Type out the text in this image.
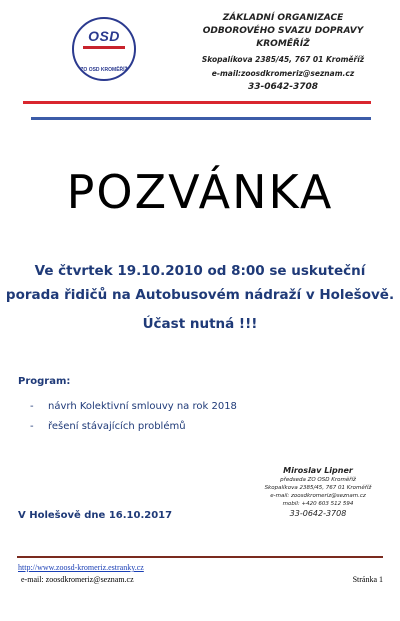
OSD
ZO OSD KROMĚŘÍŽ
ZÁKLADNÍ ORGANIZACE
ODBOROVÉHO SVAZU DOPRAVY
KROMĚŘÍŽ
Skopalíkova 2385/45, 767 01 Kroměříž
e-mail:zoosdkromeriz@seznam.cz
33-0642-3708
POZVÁNKA
Ve čtvrtek 19.10.2010 od 8:00 se uskuteční
porada řidičů na Autobusovém nádraží v Holešově.
Účast nutná !!!
Program:
- návrh Kolektivní smlouvy na rok 2018
- řešení stávajících problémů
Miroslav Lipner
předseda ZO OSD Kroměříž
Skopalíkova 2385/45, 767 01 Kroměříž
e-mail: zoosdkromeriz@seznam.cz
mobil: +420 603 512 594
33-0642-3708
V Holešově dne 16.10.2017
http://www.zoosd-kromeriz.estranky.cz
e-mail: zoosdkromeriz@seznam.cz	Stránka 1
